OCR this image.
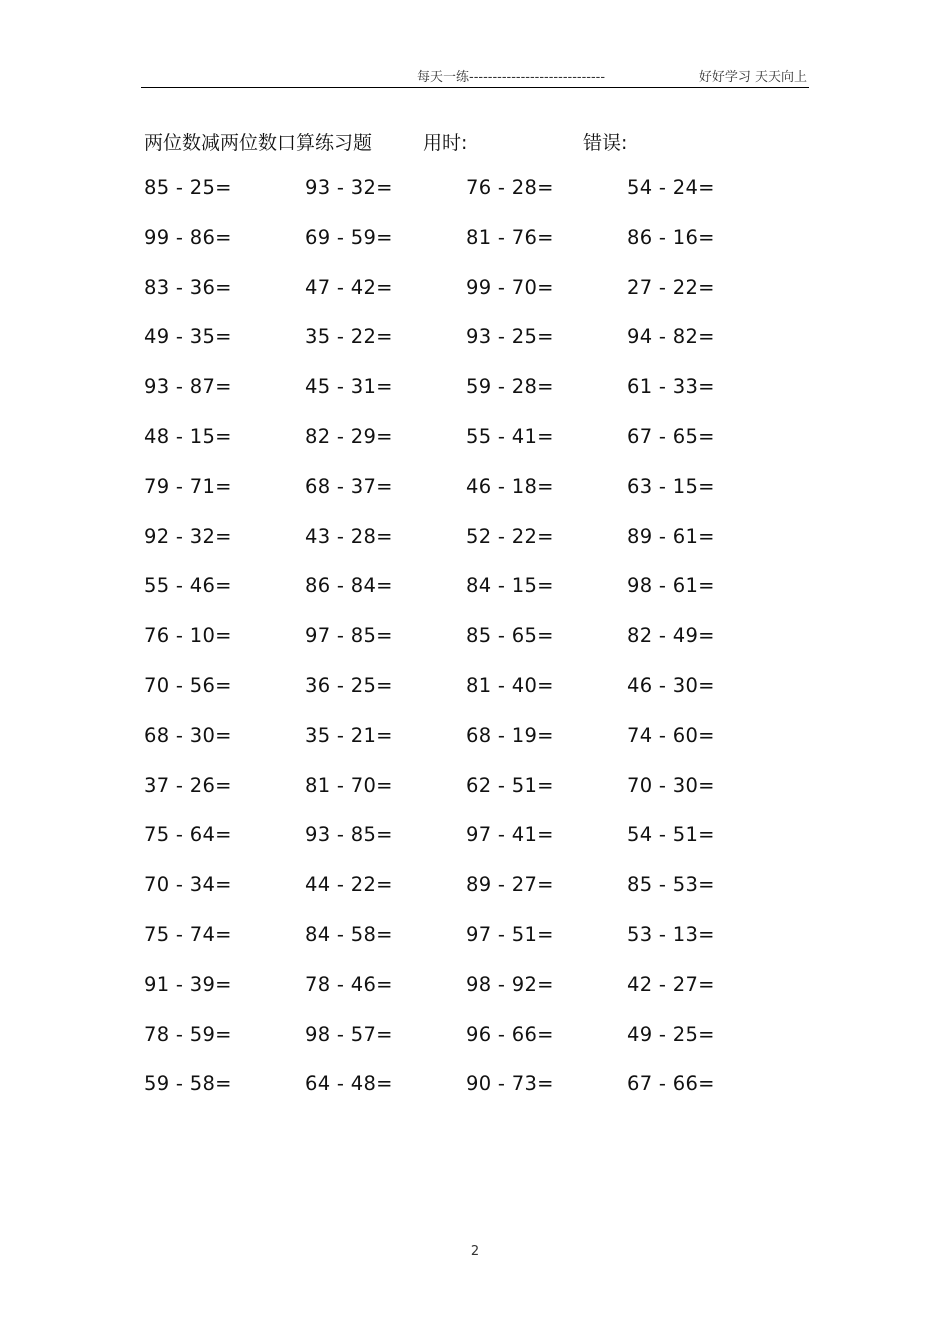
每天一练-----------------------------	好好学习 天天向上
两位数减两位数口算练习题	用时:	错误:
85 - 25=	93 - 32=	76 - 28=	54 - 24=
99 - 86=	69 - 59=	81 - 76=	86 - 16=
83 - 36=	47 - 42=	99 - 70=	27 - 22=
49 - 35=	35 - 22=	93 - 25=	94 - 82=
93 - 87=	45 - 31=	59 - 28=	61 - 33=
48 - 15=	82 - 29=	55 - 41=	67 - 65=
79 - 71=	68 - 37=	46 - 18=	63 - 15=
92 - 32=	43 - 28=	52 - 22=	89 - 61=
55 - 46=	86 - 84=	84 - 15=	98 - 61=
76 - 10=	97 - 85=	85 - 65=	82 - 49=
70 - 56=	36 - 25=	81 - 40=	46 - 30=
68 - 30=	35 - 21=	68 - 19=	74 - 60=
37 - 26=	81 - 70=	62 - 51=	70 - 30=
75 - 64=	93 - 85=	97 - 41=	54 - 51=
70 - 34=	44 - 22=	89 - 27=	85 - 53=
75 - 74=	84 - 58=	97 - 51=	53 - 13=
91 - 39=	78 - 46=	98 - 92=	42 - 27=
78 - 59=	98 - 57=	96 - 66=	49 - 25=
59 - 58=	64 - 48=	90 - 73=	67 - 66=
2
